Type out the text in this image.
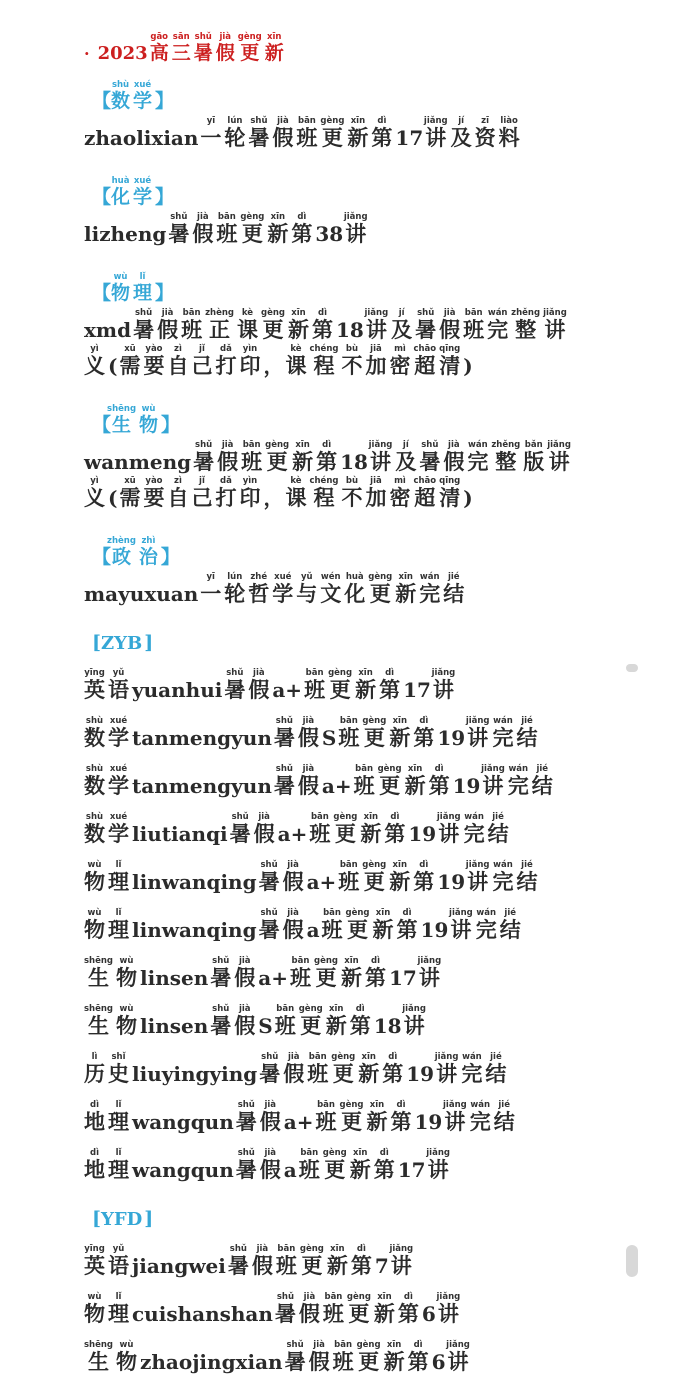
· 2023 高gāo三sān暑shǔ假jià更gèng新xīn
【数shù学xué】
zhaolixian一yī轮lún暑shǔ假jià班bān更gèng新xīn第dì17讲jiǎng及jí资zī料liào
【化huà学xué】
lizheng暑shǔ假jià班bān更gèng新xīn第dì38讲jiǎng
【物wù理lǐ】
xmd暑shǔ假jià班bān正zhèng课kè更gèng新xīn第dì18讲jiǎng及jí暑shǔ假jià班bān完wán整zhěng讲jiǎng
义yì(需xū要yào自zì己jǐ打dǎ印yìn，课kè程chéng不bù加jiā密mì超chāo清qīng)
【生shēng物wù】
wanmeng暑shǔ假jià班bān更gèng新xīn第dì18讲jiǎng及jí暑shǔ假jià完wán整zhěng版bǎn讲jiǎng
义yì(需xū要yào自zì己jǐ打dǎ印yìn，课kè程chéng不bù加jiā密mì超chāo清qīng)
【政zhèng治zhì】
mayuxuan一yī轮lún哲zhé学xué与yǔ文wén化huà更gèng新xīn完wán结jié
[ZYB ]
英yīng语yǔyuanhui暑shǔ假jiàa+班bān更gèng新xīn第dì17讲jiǎng
数shù学xuétanmengyun暑shǔ假jiàS班bān更gèng新xīn第dì19讲jiǎng完wán结jié
数shù学xuétanmengyun暑shǔ假jiàa+班bān更gèng新xīn第dì19讲jiǎng完wán结jié
数shù学xuéliutianqi暑shǔ假jiàa+班bān更gèng新xīn第dì19讲jiǎng完wán结jié
物wù理lǐlinwanqing暑shǔ假jiàa+班bān更gèng新xīn第dì19讲jiǎng完wán结jié
物wù理lǐlinwanqing暑shǔ假jiàa班bān更gèng新xīn第dì19讲jiǎng完wán结jié
生shēng物wùlinsen暑shǔ假jiàa+班bān更gèng新xīn第dì17讲jiǎng
生shēng物wùlinsen暑shǔ假jiàS班bān更gèng新xīn第dì18讲jiǎng
历lì史shǐliuyingying暑shǔ假jià班bān更gèng新xīn第dì19讲jiǎng完wán结jié
地dì理lǐwangqun暑shǔ假jiàa+班bān更gèng新xīn第dì19讲jiǎng完wán结jié
地dì理lǐwangqun暑shǔ假jiàa班bān更gèng新xīn第dì17讲jiǎng
[YFD ]
英yīng语yǔjiangwei暑shǔ假jià班bān更gèng新xīn第dì7讲jiǎng
物wù理lǐcuishanshan暑shǔ假jià班bān更gèng新xīn第dì6讲jiǎng
生shēng物wùzhaojingxian暑shǔ假jià班bān更gèng新xīn第dì6讲jiǎng
